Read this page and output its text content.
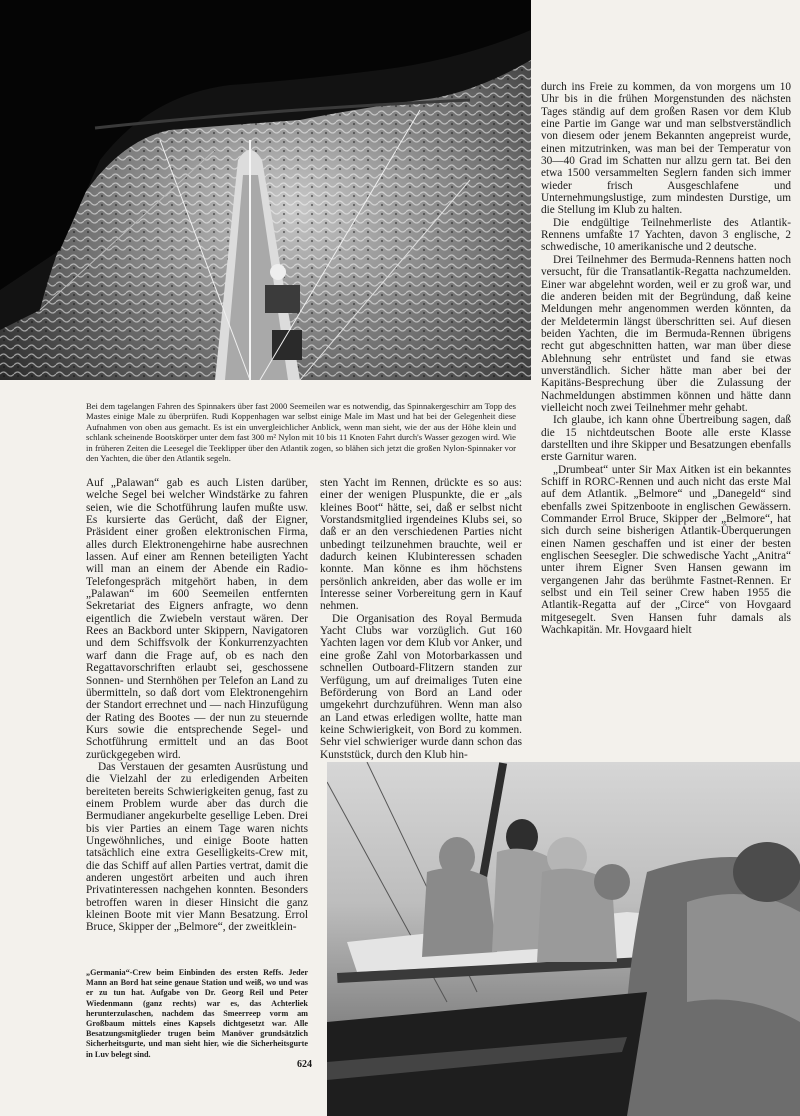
Bei dem tagelangen Fahren des Spinnakers über fast 2000 Seemeilen war es notwendig, das Spinnakergeschirr am Topp des Mastes einige Male zu überprüfen. Rudi Koppenhagen war selbst einige Male im Mast und hat bei der Gelegenheit diese Aufnahmen von oben aus gemacht. Es ist ein unvergleichlicher Anblick, wenn man sieht, wie der aus der Höhe klein und schlank scheinende Bootskörper unter dem fast 300 m² Nylon mit 10 bis 11 Knoten Fahrt durch's Wasser gezogen wird. Wie in früheren Zeiten die Leesegel die Teeklipper über den Atlantik zogen, so blähen sich jetzt die großen Nylon-Spinnaker vor den Yachten, die über den Atlantik segeln.

durch ins Freie zu kommen, da von morgens um 10 Uhr bis in die frühen Morgenstunden des nächsten Tages ständig auf dem großen Rasen vor dem Klub eine Partie im Gange war und man selbstverständlich von diesem oder jenem Bekannten angepreist wurde, einen mitzutrinken, was man bei der Temperatur von 30—40 Grad im Schatten nur allzu gern tat. Bei den etwa 1500 versammelten Seglern fanden sich immer wieder frisch Ausgeschlafene und Unternehmungslustige, zum mindesten Durstige, um die Stellung im Klub zu halten.

Die endgültige Teilnehmerliste des Atlantik-Rennens umfaßte 17 Yachten, davon 3 englische, 2 schwedische, 10 amerikanische und 2 deutsche.

Drei Teilnehmer des Bermuda-Rennens hatten noch versucht, für die Transatlantik-Regatta nachzumelden. Einer war abgelehnt worden, weil er zu groß war, und die anderen beiden mit der Begründung, daß keine Meldungen mehr angenommen werden könnten, da der Meldetermin längst überschritten sei. Auf diesen beiden Yachten, die im Bermuda-Rennen übrigens recht gut abgeschnitten hatten, war man über diese Ablehnung sehr entrüstet und fand sie etwas unverständlich. Sicher hätte man aber bei der Kapitäns-Besprechung über die Zulassung der Nachmeldungen abstimmen können und hätte dann vielleicht noch zwei Teilnehmer mehr gehabt.

Ich glaube, ich kann ohne Übertreibung sagen, daß die 15 nichtdeutschen Boote alle erste Klasse darstellten und ihre Skipper und Besatzungen ebenfalls erste Garnitur waren.

„Drumbeat“ unter Sir Max Aitken ist ein bekanntes Schiff in RORC-Rennen und auch nicht das erste Mal auf dem Atlantik. „Belmore“ und „Danegeld“ sind ebenfalls zwei Spitzenboote in englischen Gewässern. Commander Errol Bruce, Skipper der „Belmore“, hat sich durch seine bisherigen Atlantik-Überquerungen einen Namen geschaffen und ist einer der besten englischen Seesegler. Die schwedische Yacht „Anitra“ unter ihrem Eigner Sven Hansen gewann im vergangenen Jahr das berühmte Fastnet-Rennen. Er selbst und ein Teil seiner Crew haben 1955 die Atlantik-Regatta auf der „Circe“ von Hovgaard mitgesegelt. Sven Hansen fuhr damals als Wachkapitän. Mr. Hovgaard hielt

Auf „Palawan“ gab es auch Listen darüber, welche Segel bei welcher Windstärke zu fahren seien, wie die Schotführung laufen mußte usw. Es kursierte das Gerücht, daß der Eigner, Präsident einer großen elektronischen Firma, alles durch Elektronengehirne habe ausrechnen lassen. Auf einer am Rennen beteiligten Yacht will man an einem der Abende ein Radio-Telefongespräch mitgehört haben, in dem „Palawan“ im 600 Seemeilen entfernten Sekretariat des Eigners anfragte, wo denn eigentlich die Zwiebeln verstaut wären. Der Rees an Backbord unter Skippern, Navigatoren und dem Schiffsvolk der Konkurrenzyachten warf dann die Frage auf, ob es nach den Regattavorschriften erlaubt sei, geschossene Sonnen- und Sternhöhen per Telefon an Land zu übermitteln, so daß dort vom Elektronengehirn der Standort errechnet und — nach Hinzufügung der Rating des Bootes — der nun zu steuernde Kurs sowie die entsprechende Segel- und Schotführung ermittelt und an das Boot zurückgegeben wird.

Das Verstauen der gesamten Ausrüstung und die Vielzahl der zu erledigenden Arbeiten bereiteten bereits Schwierigkeiten genug, fast zu einem Problem wurde aber das durch die Bermudianer angekurbelte gesellige Leben. Drei bis vier Parties an einem Tage waren nichts Ungewöhnliches, und einige Boote hatten tatsächlich eine extra Geselligkeits-Crew mit, die das Schiff auf allen Parties vertrat, damit die anderen ungestört arbeiten und auch ihren Privatinteressen nachgehen konnten. Besonders betroffen waren in dieser Hinsicht die ganz kleinen Boote mit vier Mann Besatzung. Errol Bruce, Skipper der „Belmore“, der zweitklein-

sten Yacht im Rennen, drückte es so aus: einer der wenigen Pluspunkte, die er „als kleines Boot“ hätte, sei, daß er selbst nicht Vorstandsmitglied irgendeines Klubs sei, so daß er an den verschiedenen Parties nicht unbedingt teilzunehmen brauchte, weil er dadurch keinen Klubinteressen schaden konnte. Man könne es ihm höchstens persönlich ankreiden, aber das wolle er im Interesse seiner Vorbereitung gern in Kauf nehmen.

Die Organisation des Royal Bermuda Yacht Clubs war vorzüglich. Gut 160 Yachten lagen vor dem Klub vor Anker, und eine große Zahl von Motorbarkassen und schnellen Outboard-Flitzern standen zur Verfügung, um auf dreimaliges Tuten eine Beförderung von Bord an Land oder umgekehrt durchzuführen. Wenn man also an Land etwas erledigen wollte, hatte man keine Schwierigkeit, von Bord zu kommen. Sehr viel schwieriger wurde dann schon das Kunststück, durch den Klub hin-

„Germania“-Crew beim Einbinden des ersten Reffs. Jeder Mann an Bord hat seine genaue Station und weiß, wo und was er zu tun hat. Aufgabe von Dr. Georg Reil und Peter Wiedenmann (ganz rechts) war es, das Achterliek herunterzulaschen, nachdem das Smeerreep vorm am Großbaum mittels eines Kapsels dichtgesetzt war. Alle Besatzungsmitglieder trugen beim Manöver grundsätzlich Sicherheitsgurte, und man sieht hier, wie die Sicherheitsgurte in Luv belegt sind.
624
